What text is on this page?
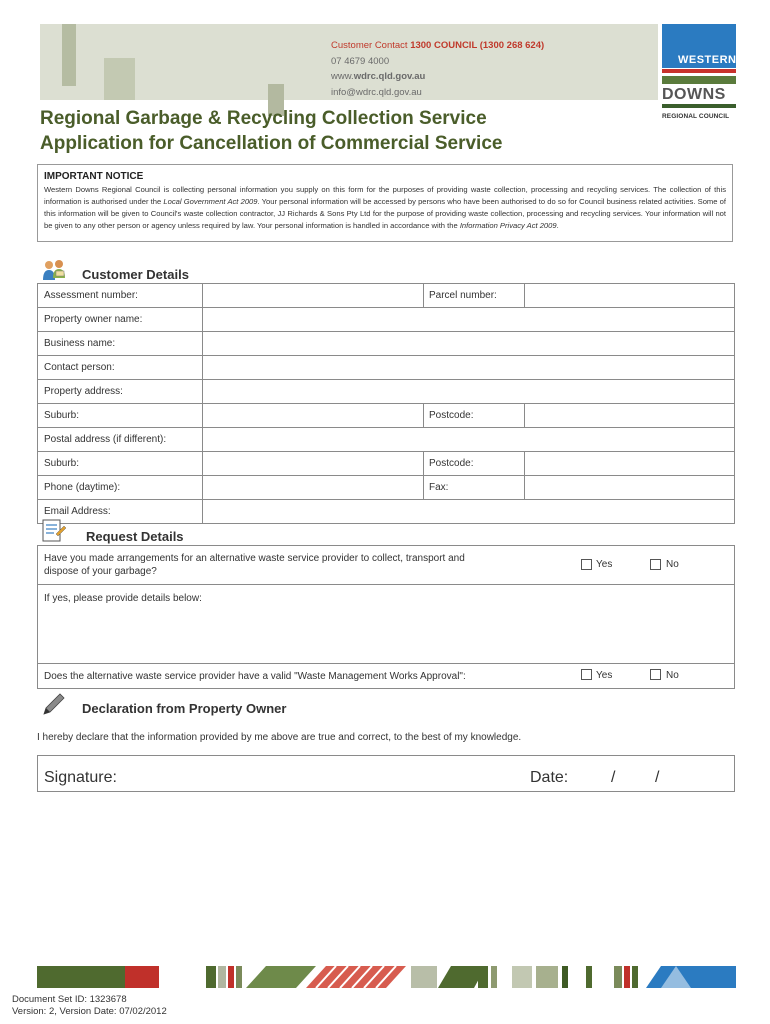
Customer Contact 1300 COUNCIL (1300 268 624)
07 4679 4000
www.wdrc.qld.gov.au
info@wdrc.qld.gov.au
WESTERN
DOWNS
REGIONAL COUNCIL
Regional Garbage & Recycling Collection Service
Application for Cancellation of Commercial Service
IMPORTANT NOTICE

Western Downs Regional Council is collecting personal information you supply on this form for the purposes of providing waste collection, processing and recycling services. The collection of this information is authorised under the Local Government Act 2009. Your personal information will be accessed by persons who have been authorised to do so for Council business related activities. Some of this information will be given to Council's waste collection contractor, JJ Richards & Sons Pty Ltd for the purpose of providing waste collection, processing and recycling services. Your information will not be given to any other person or agency unless required by law. Your personal information is handled in accordance with the Information Privacy Act 2009.

Customer Details
Assessment number:	Parcel number:
Property owner name:
Business name:
Contact person:
Property address:
Suburb:	Postcode:
Postal address (if different):
Suburb:	Postcode:
Phone (daytime):	Fax:
Email Address:
Request Details
Have you made arrangements for an alternative waste service provider to collect, transport and
dispose of your garbage?
Yes	No
If yes, please provide details below:
Does the alternative waste service provider have a valid "Waste Management Works Approval":	Yes	No
Declaration from Property Owner
I hereby declare that the information provided by me above are true and correct, to the best of my knowledge.
Signature:	Date:	/ /
Document Set ID: 1323678
Version: 2, Version Date: 07/02/2012
